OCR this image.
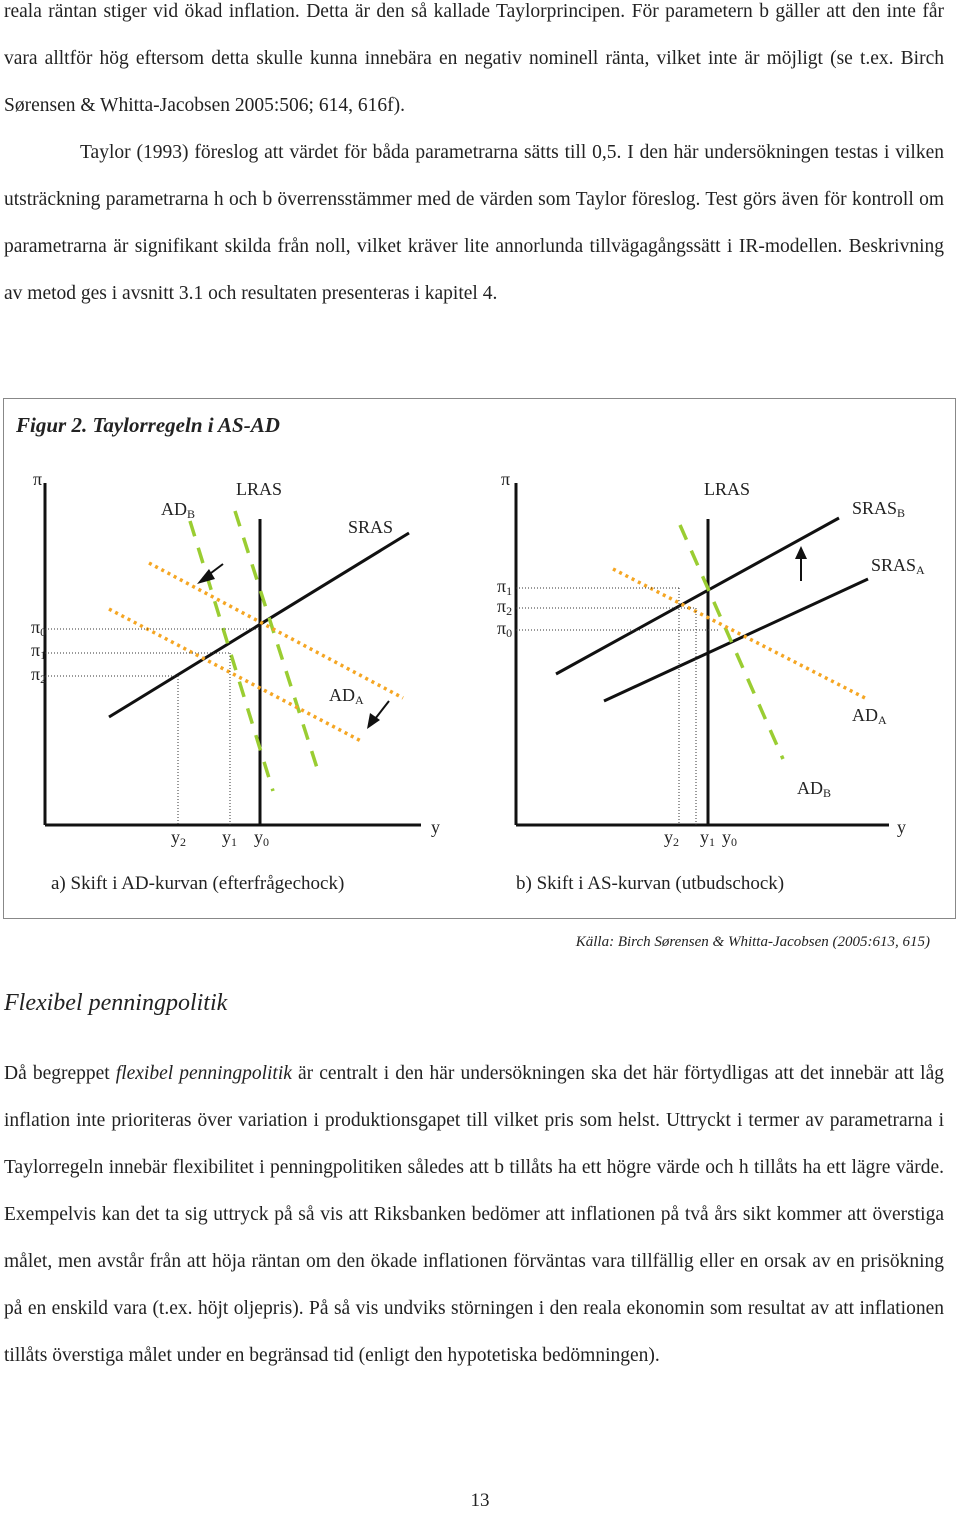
reala räntan stiger vid ökad inflation. Detta är den så kallade Taylorprincipen. För parametern b gäller att den inte får vara alltför hög eftersom detta skulle kunna innebära en negativ nominell ränta, vilket inte är möjligt (se t.ex. Birch Sørensen & Whitta-Jacobsen 2005:506; 614, 616f).

Taylor (1993) föreslog att värdet för båda parametrarna sätts till 0,5. I den här undersökningen testas i vilken utsträckning parametrarna h och b överrensstämmer med de värden som Taylor föreslog. Test görs även för kontroll om parametrarna är signifikant skilda från noll, vilket kräver lite annorlunda tillvägagångssätt i IR-modellen. Beskrivning av metod ges i avsnitt 3.1 och resultaten presenteras i kapitel 4.

Figur 2. Taylorregeln i AS-AD
π
y
ADB
LRAS
SRAS
ADA
π0
π1
π2
y2 y1 y0
π
y
LRAS
SRASB
SRASA
ADA
ADB
π1
π2
π0
y2 y1 y0
a) Skift i AD-kurvan (efterfrågechock)	b) Skift i AS-kurvan (utbudschock)
Källa: Birch Sørensen & Whitta-Jacobsen (2005:613, 615)
Flexibel penningpolitik

Då begreppet flexibel penningpolitik är centralt i den här undersökningen ska det här förtydligas att det innebär att låg inflation inte prioriteras över variation i produktionsgapet till vilket pris som helst. Uttryckt i termer av parametrarna i Taylorregeln innebär flexibilitet i penningpolitiken således att b tillåts ha ett högre värde och h tillåts ha ett lägre värde. Exempelvis kan det ta sig uttryck på så vis att Riksbanken bedömer att inflationen på två års sikt kommer att överstiga målet, men avstår från att höja räntan om den ökade inflationen förväntas vara tillfällig eller en orsak av en prisökning på en enskild vara (t.ex. höjt oljepris). På så vis undviks störningen i den reala ekonomin som resultat av att inflationen tillåts överstiga målet under en begränsad tid (enligt den hypotetiska bedömningen).

13
